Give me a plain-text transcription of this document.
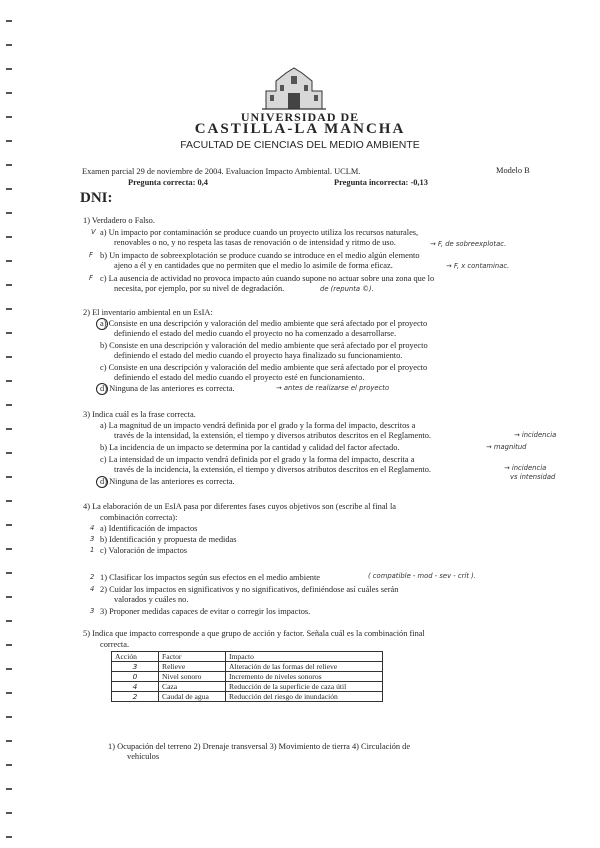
UNIVERSIDAD DE
CASTILLA-LA MANCHA
FACULTAD DE CIENCIAS DEL MEDIO AMBIENTE
Examen parcial 29 de noviembre de 2004. Evaluacion Impacto Ambiental. UCLM.	Modelo B
Pregunta correcta: 0,4	Pregunta incorrecta: -0,13
DNI:
1) Verdadero o Falso.
V a) Un impacto por contaminación se produce cuando un proyecto utiliza los recursos naturales,
renovables o no, y no respeta las tasas de renovación o de intensidad y ritmo de uso.	→ F, de sobreexplotac.
F b) Un impacto de sobreexplotación se produce cuando se introduce en el medio algún elemento
ajeno a él y en cantidades que no permiten que el medio lo asimile de forma eficaz.	→ F, x contaminac.
F c) La ausencia de actividad no provoca impacto aún cuando supone no actuar sobre una zona que lo
necesita, por ejemplo, por su nivel de degradación.	de (repunta ©).
2) El inventario ambiental en un EsIA:
a) Consiste en una descripción y valoración del medio ambiente que será afectado por el proyecto
definiendo el estado del medio cuando el proyecto no ha comenzado a desarrollarse.
b) Consiste en una descripción y valoración del medio ambiente que será afectado por el proyecto
definiendo el estado del medio cuando el proyecto haya finalizado su funcionamiento.
c) Consiste en una descripción y valoración del medio ambiente que será afectado por el proyecto
definiendo el estado del medio cuando el proyecto esté en funcionamiento.
d) Ninguna de las anteriores es correcta.	→ antes de realizarse el proyecto
3) Indica cuál es la frase correcta.
a) La magnitud de un impacto vendrá definida por el grado y la forma del impacto, descritos a
través de la intensidad, la extensión, el tiempo y diversos atributos descritos en el Reglamento.	→ incidencia
b) La incidencia de un impacto se determina por la cantidad y calidad del factor afectado.	→ magnitud
c) La intensidad de un impacto vendrá definida por el grado y la forma del impacto, descrita a
través de la incidencia, la extensión, el tiempo y diversos atributos descritos en el Reglamento.	→ incidencia
vs intensidad
d) Ninguna de las anteriores es correcta.
4) La elaboración de un EsIA pasa por diferentes fases cuyos objetivos son (escribe al final la
combinación correcta):
4 a) Identificación de impactos
3 b) Identificación y propuesta de medidas
1 c) Valoración de impactos
2 1) Clasificar los impactos según sus efectos en el medio ambiente	( compatible - mod - sev - crít ).
4 2) Cuidar los impactos en significativos y no significativos, definiéndose así cuáles serán
valorados y cuáles no.
3 3) Proponer medidas capaces de evitar o corregir los impactos.
5) Indica que impacto corresponde a que grupo de acción y factor. Señala cuál es la combinación final
correcta.
Acción	Factor	Impacto
3	Relieve	Alteración de las formas del relieve
0	Nivel sonoro	Incremento de niveles sonoros
4	Caza	Reducción de la superficie de caza útil
2	Caudal de agua	Reducción del riesgo de inundación
1) Ocupación del terreno 2) Drenaje transversal 3) Movimiento de tierra 4) Circulación de
vehículos
